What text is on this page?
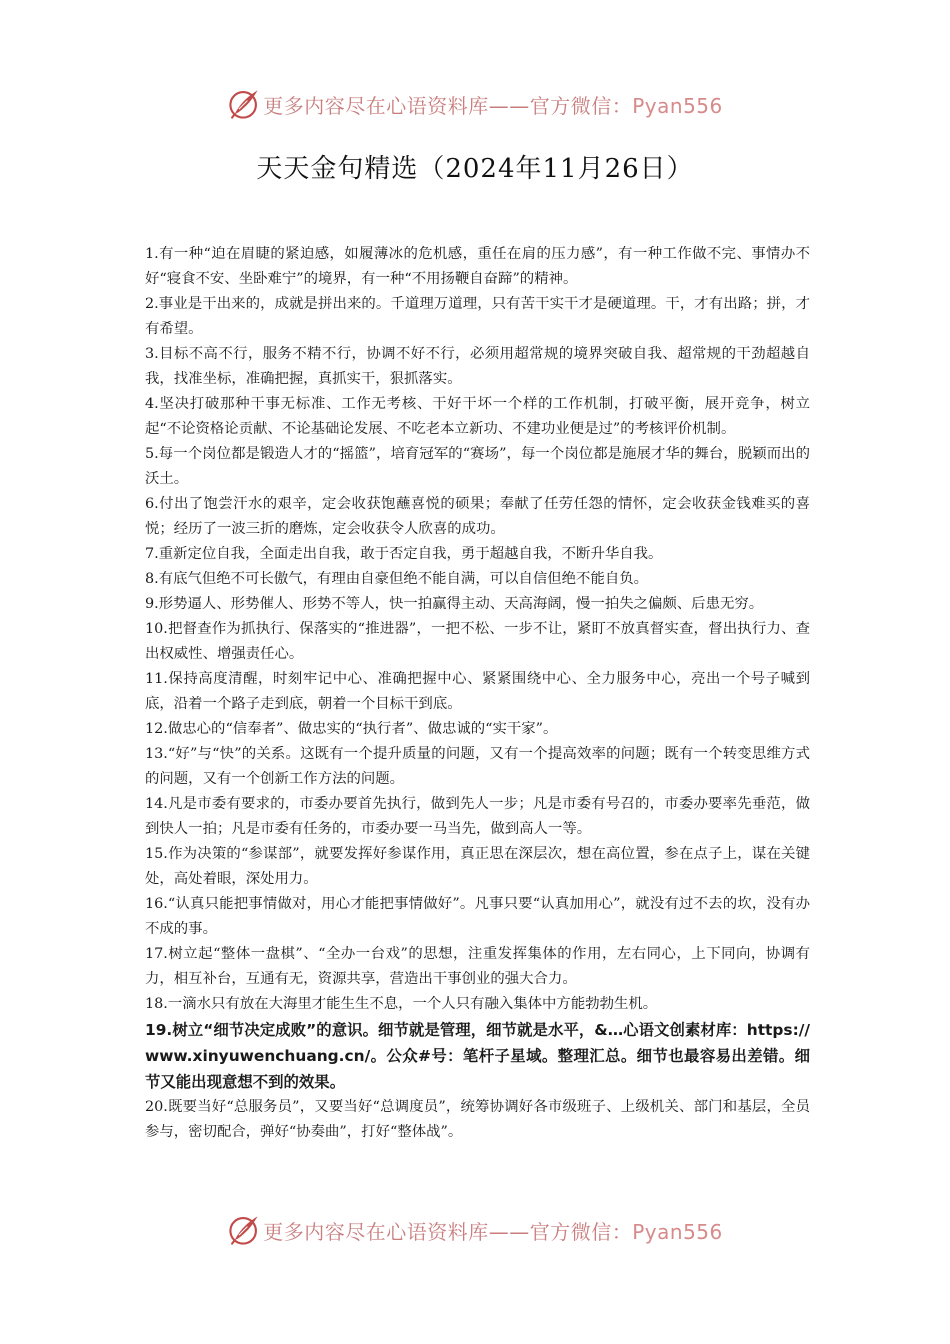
更多内容尽在心语资料库——官方微信：Pyan556
天天金句精选（2024年11月26日）

1.有一种“迫在眉睫的紧迫感，如履薄冰的危机感，重任在肩的压力感”，有一种工作做不完、事情办不好“寝食不安、坐卧难宁”的境界，有一种“不用扬鞭自奋蹄”的精神。

2.事业是干出来的，成就是拼出来的。千道理万道理，只有苦干实干才是硬道理。干，才有出路；拼，才有希望。

3.目标不高不行，服务不精不行，协调不好不行，必须用超常规的境界突破自我、超常规的干劲超越自我，找准坐标，准确把握，真抓实干，狠抓落实。

4.坚决打破那种干事无标准、工作无考核、干好干坏一个样的工作机制，打破平衡，展开竞争，树立起“不论资格论贡献、不论基础论发展、不吃老本立新功、不建功业便是过”的考核评价机制。

5.每一个岗位都是锻造人才的“摇篮”，培育冠军的“赛场”，每一个岗位都是施展才华的舞台，脱颖而出的沃土。

6.付出了饱尝汗水的艰辛，定会收获饱蘸喜悦的硕果；奉献了任劳任怨的情怀，定会收获金钱难买的喜悦；经历了一波三折的磨炼，定会收获令人欣喜的成功。

7.重新定位自我，全面走出自我，敢于否定自我，勇于超越自我，不断升华自我。

8.有底气但绝不可长傲气，有理由自豪但绝不能自满，可以自信但绝不能自负。

9.形势逼人、形势催人、形势不等人，快一拍赢得主动、天高海阔，慢一拍失之偏颇、后患无穷。

10.把督查作为抓执行、保落实的“推进器”，一把不松、一步不让，紧盯不放真督实查，督出执行力、查出权威性、增强责任心。

11.保持高度清醒，时刻牢记中心、准确把握中心、紧紧围绕中心、全力服务中心，亮出一个号子喊到底，沿着一个路子走到底，朝着一个目标干到底。

12.做忠心的“信奉者”、做忠实的“执行者”、做忠诚的“实干家”。

13.“好”与“快”的关系。这既有一个提升质量的问题，又有一个提高效率的问题；既有一个转变思维方式的问题，又有一个创新工作方法的问题。

14.凡是市委有要求的，市委办要首先执行，做到先人一步；凡是市委有号召的，市委办要率先垂范，做到快人一拍；凡是市委有任务的，市委办要一马当先，做到高人一等。

15.作为决策的“参谋部”，就要发挥好参谋作用，真正思在深层次，想在高位置，参在点子上，谋在关键处，高处着眼，深处用力。

16.“认真只能把事情做对，用心才能把事情做好”。凡事只要“认真加用心”，就没有过不去的坎，没有办不成的事。

17.树立起“整体一盘棋”、“全办一台戏”的思想，注重发挥集体的作用，左右同心，上下同向，协调有力，相互补台，互通有无，资源共享，营造出干事创业的强大合力。

18.一滴水只有放在大海里才能生生不息，一个人只有融入集体中方能勃勃生机。

19.树立“细节决定成败”的意识。细节就是管理，细节就是水平，&…心语文创素材库：https://www.xinyuwenchuang.cn/。公众#号：笔杆子星域。整理汇总。细节也最容易出差错。细节又能出现意想不到的效果。

20.既要当好“总服务员”，又要当好“总调度员”，统筹协调好各市级班子、上级机关、部门和基层，全员参与，密切配合，弹好“协奏曲”，打好“整体战”。

更多内容尽在心语资料库——官方微信：Pyan556
